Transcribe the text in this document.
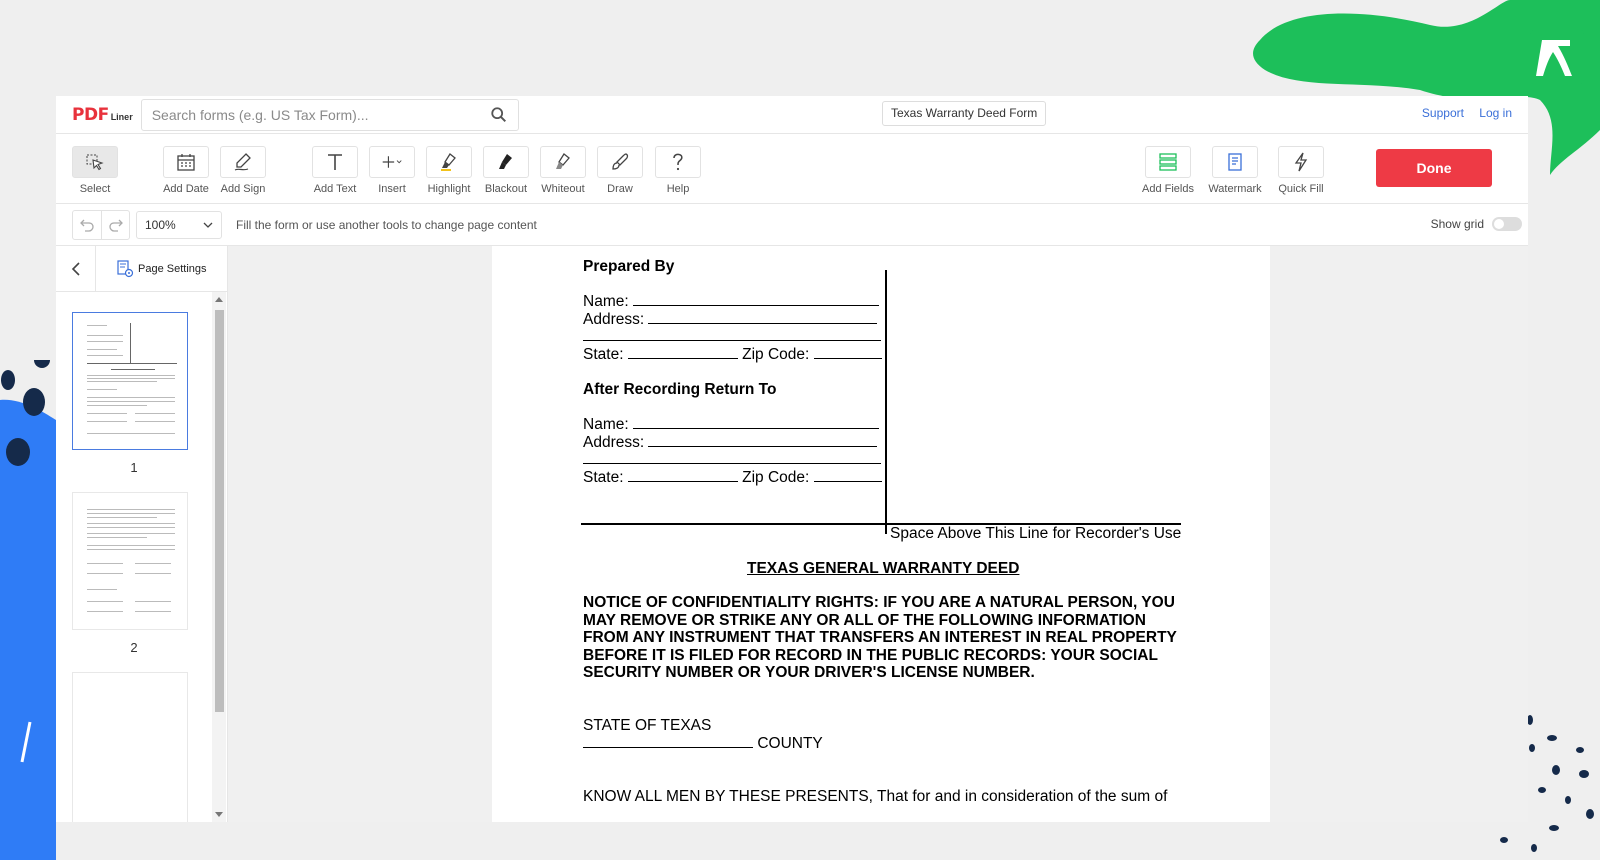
PDF Liner
Search forms (e.g. US Tax Form)...	Texas Warranty Deed Form	Support Log in
Select	Add Date	Add Sign	Add Text	Insert	Highlight	Blackout	Whiteout	Draw	Help	Add Fields	Watermark	Quick Fill
Done
100%	Fill the form or use another tools to change page content	Show grid
Page Settings
1
2
Prepared By
Name:
Address:
State:	Zip Code:
After Recording Return To
Name:
Address:
State:	Zip Code:
Space Above This Line for Recorder's Use
TEXAS GENERAL WARRANTY DEED
NOTICE OF CONFIDENTIALITY RIGHTS: IF YOU ARE A NATURAL PERSON, YOU
MAY REMOVE OR STRIKE ANY OR ALL OF THE FOLLOWING INFORMATION
FROM ANY INSTRUMENT THAT TRANSFERS AN INTEREST IN REAL PROPERTY
BEFORE IT IS FILED FOR RECORD IN THE PUBLIC RECORDS: YOUR SOCIAL
SECURITY NUMBER OR YOUR DRIVER'S LICENSE NUMBER.
STATE OF TEXAS
COUNTY
KNOW ALL MEN BY THESE PRESENTS, That for and in consideration of the sum of
